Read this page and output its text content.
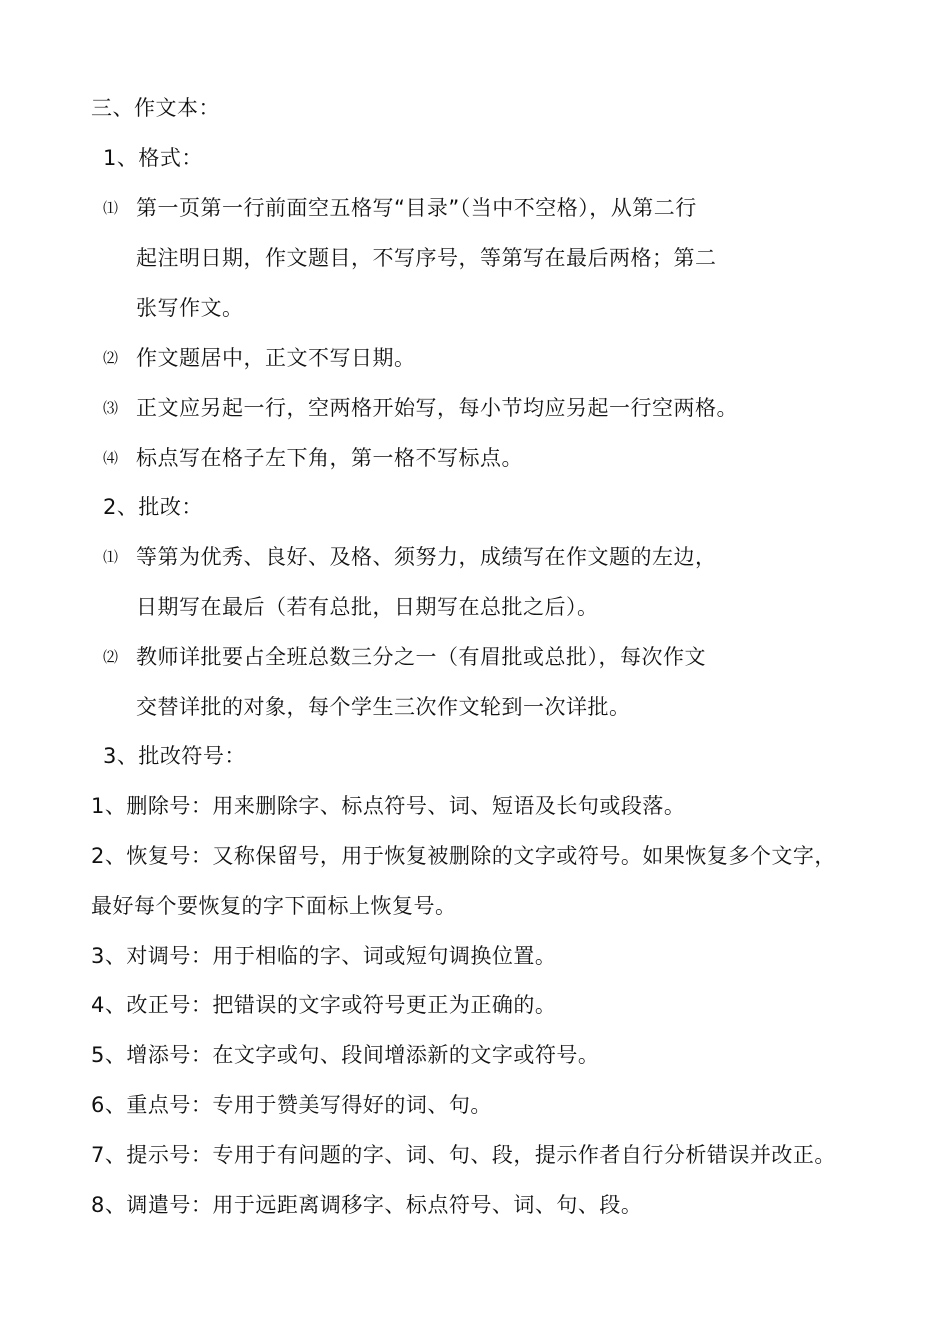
三、作文本：
1、格式：
⑴ 第一页第一行前面空五格写“目录”（当中不空格），从第二行
起注明日期，作文题目，不写序号，等第写在最后两格；第二
张写作文。
⑵ 作文题居中，正文不写日期。
⑶ 正文应另起一行，空两格开始写，每小节均应另起一行空两格。
⑷ 标点写在格子左下角，第一格不写标点。
2、批改：
⑴ 等第为优秀、良好、及格、须努力，成绩写在作文题的左边，
日期写在最后（若有总批，日期写在总批之后）。
⑵ 教师详批要占全班总数三分之一（有眉批或总批），每次作文
交替详批的对象，每个学生三次作文轮到一次详批。
3、批改符号：
1、删除号：用来删除字、标点符号、词、短语及长句或段落。
2、恢复号：又称保留号，用于恢复被删除的文字或符号。如果恢复多个文字，
最好每个要恢复的字下面标上恢复号。
3、对调号：用于相临的字、词或短句调换位置。
4、改正号：把错误的文字或符号更正为正确的。
5、增添号：在文字或句、段间增添新的文字或符号。
6、重点号：专用于赞美写得好的词、句。
7、提示号：专用于有问题的字、词、句、段，提示作者自行分析错误并改正。
8、调遣号：用于远距离调移字、标点符号、词、句、段。
